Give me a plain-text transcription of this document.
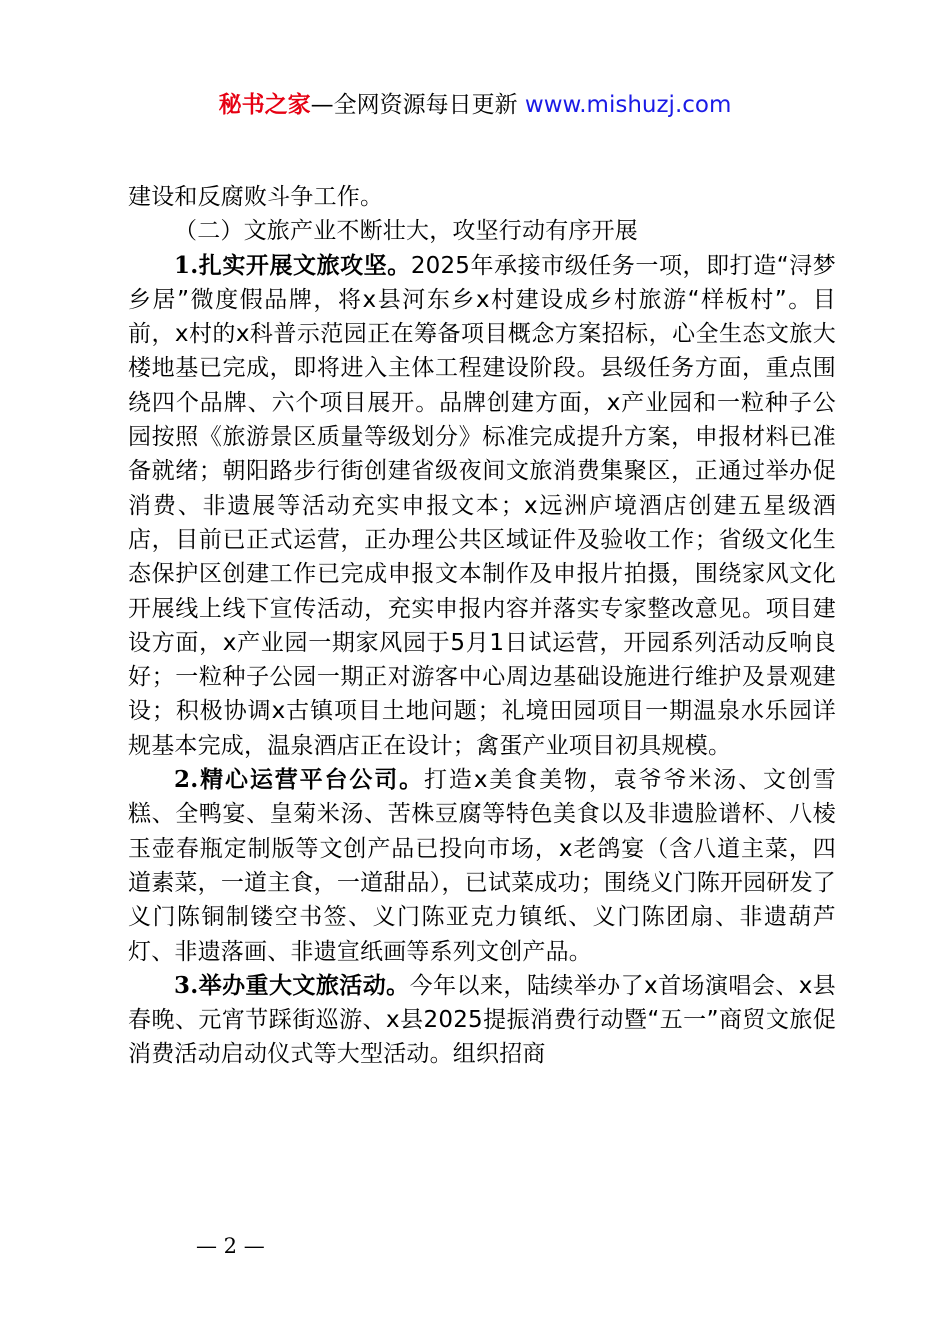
秘书之家—全网资源每日更新 www.mishuzj.com

建设和反腐败斗争工作。

（二）文旅产业不断壮大，攻坚行动有序开展

1.扎实开展文旅攻坚。2025年承接市级任务一项，即打造“浔梦乡居”微度假品牌，将x县河东乡x村建设成乡村旅游“样板村”。目前，x村的x科普示范园正在筹备项目概念方案招标，心全生态文旅大楼地基已完成，即将进入主体工程建设阶段。县级任务方面，重点围绕四个品牌、六个项目展开。品牌创建方面，x产业园和一粒种子公园按照《旅游景区质量等级划分》标准完成提升方案，申报材料已准备就绪；朝阳路步行街创建省级夜间文旅消费集聚区，正通过举办促消费、非遗展等活动充实申报文本；x远洲庐境酒店创建五星级酒店，目前已正式运营，正办理公共区域证件及验收工作；省级文化生态保护区创建工作已完成申报文本制作及申报片拍摄，围绕家风文化开展线上线下宣传活动，充实申报内容并落实专家整改意见。项目建设方面，x产业园一期家风园于5月1日试运营，开园系列活动反响良好；一粒种子公园一期正对游客中心周边基础设施进行维护及景观建设；积极协调x古镇项目土地问题；礼境田园项目一期温泉水乐园详规基本完成，温泉酒店正在设计；禽蛋产业项目初具规模。

2.精心运营平台公司。打造x美食美物，袁爷爷米汤、文创雪糕、全鸭宴、皇菊米汤、苦株豆腐等特色美食以及非遗脸谱杯、八棱玉壶春瓶定制版等文创产品已投向市场，x老鸽宴（含八道主菜，四道素菜，一道主食，一道甜品），已试菜成功；围绕义门陈开园研发了义门陈铜制镂空书签、义门陈亚克力镇纸、义门陈团扇、非遗葫芦灯、非遗落画、非遗宣纸画等系列文创产品。

3.举办重大文旅活动。今年以来，陆续举办了x首场演唱会、x县春晚、元宵节踩街巡游、x县2025提振消费行动暨“五一”商贸文旅促消费活动启动仪式等大型活动。组织招商

— 2 —
